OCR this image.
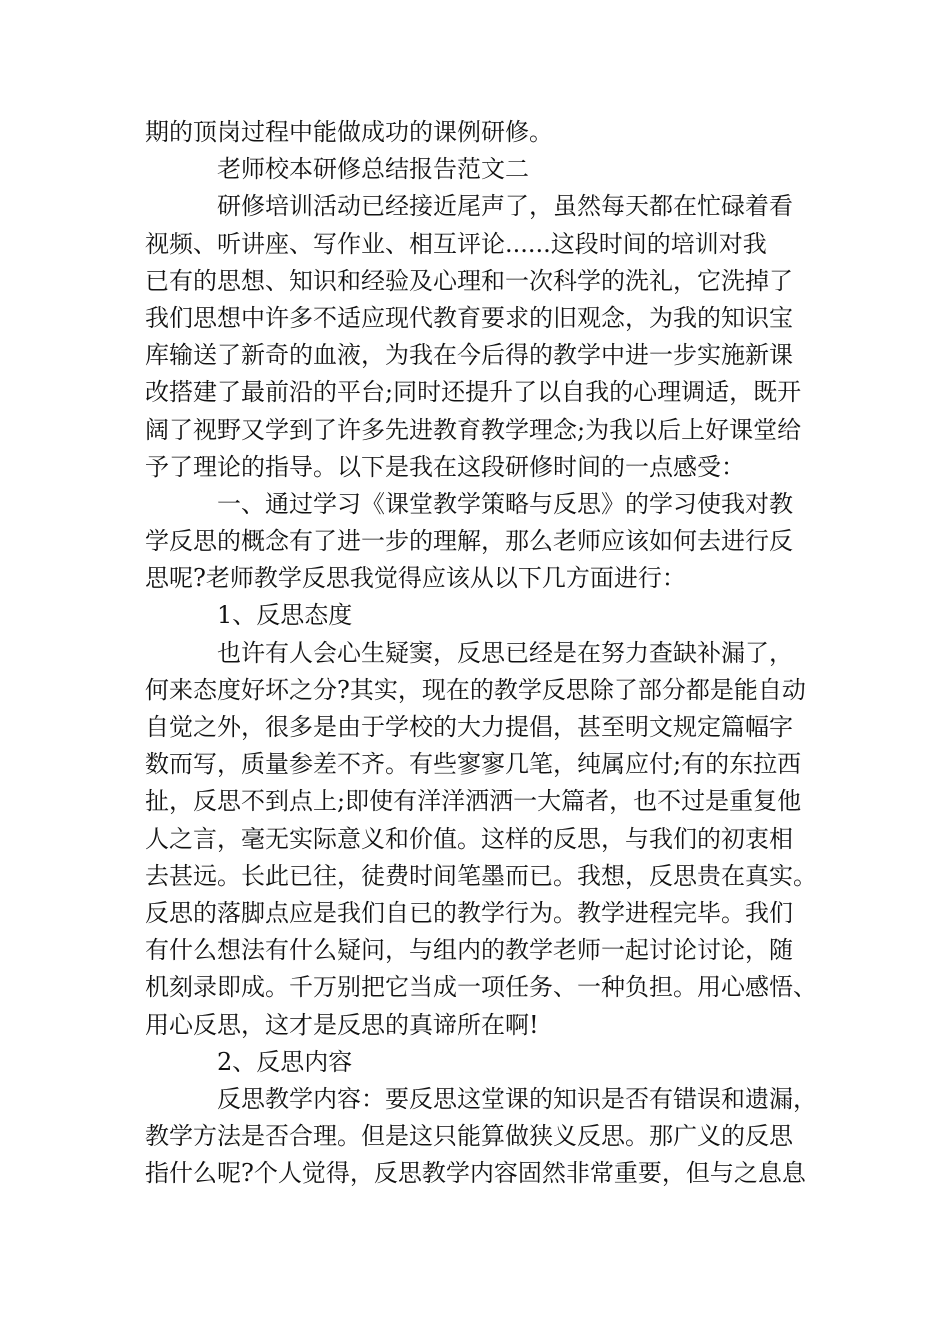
期的顶岗过程中能做成功的课例研修。
老师校本研修总结报告范文二
研修培训活动已经接近尾声了，虽然每天都在忙碌着看
视频、听讲座、写作业、相互评论......这段时间的培训对我
已有的思想、知识和经验及心理和一次科学的洗礼，它洗掉了
我们思想中许多不适应现代教育要求的旧观念，为我的知识宝
库输送了新奇的血液，为我在今后得的教学中进一步实施新课
改搭建了最前沿的平台;同时还提升了以自我的心理调适，既开
阔了视野又学到了许多先进教育教学理念;为我以后上好课堂给
予了理论的指导。以下是我在这段研修时间的一点感受：
一、通过学习《课堂教学策略与反思》的学习使我对教
学反思的概念有了进一步的理解，那么老师应该如何去进行反
思呢?老师教学反思我觉得应该从以下几方面进行：
1、反思态度
也许有人会心生疑窦，反思已经是在努力查缺补漏了，
何来态度好坏之分?其实，现在的教学反思除了部分都是能自动
自觉之外，很多是由于学校的大力提倡，甚至明文规定篇幅字
数而写，质量参差不齐。有些寥寥几笔，纯属应付;有的东拉西
扯，反思不到点上;即使有洋洋洒洒一大篇者，也不过是重复他
人之言，毫无实际意义和价值。这样的反思，与我们的初衷相
去甚远。长此已往，徒费时间笔墨而已。我想，反思贵在真实。
反思的落脚点应是我们自已的教学行为。教学进程完毕。我们
有什么想法有什么疑问，与组内的教学老师一起讨论讨论，随
机刻录即成。千万别把它当成一项任务、一种负担。用心感悟、
用心反思，这才是反思的真谛所在啊!
2、反思内容
反思教学内容：要反思这堂课的知识是否有错误和遗漏，
教学方法是否合理。但是这只能算做狭义反思。那广义的反思
指什么呢?个人觉得，反思教学内容固然非常重要，但与之息息
